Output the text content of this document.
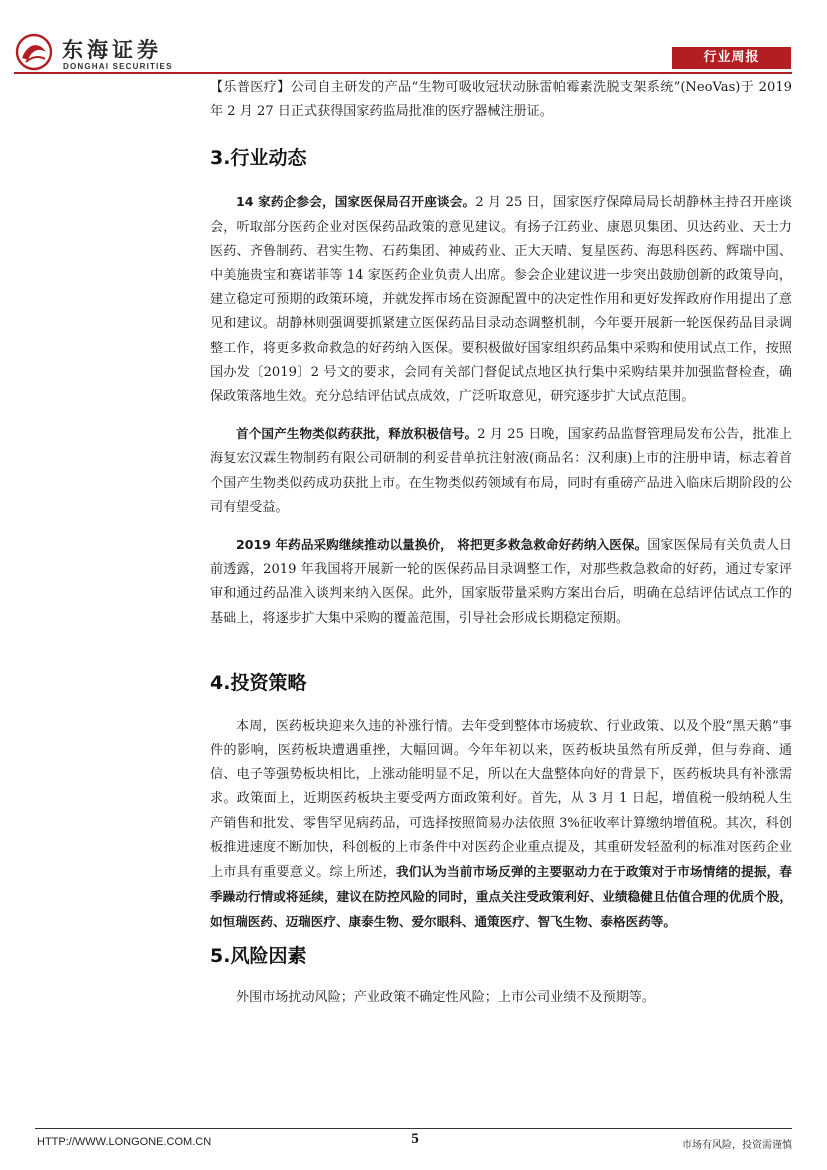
东海证券
DONGHAI SECURITIES
行业周报

【乐普医疗】公司自主研发的产品“生物可吸收冠状动脉雷帕霉素洗脱支架系统”(NeoVas)于 2019 年 2 月 27 日正式获得国家药监局批准的医疗器械注册证。

3.行业动态

14 家药企参会，国家医保局召开座谈会。2 月 25 日，国家医疗保障局局长胡静林主持召开座谈会，听取部分医药企业对医保药品政策的意见建议。有扬子江药业、康恩贝集团、贝达药业、天士力医药、齐鲁制药、君实生物、石药集团、神威药业、正大天晴、复星医药、海思科医药、辉瑞中国、中美施贵宝和赛诺菲等 14 家医药企业负责人出席。参会企业建议进一步突出鼓励创新的政策导向，建立稳定可预期的政策环境，并就发挥市场在资源配置中的决定性作用和更好发挥政府作用提出了意见和建议。胡静林则强调要抓紧建立医保药品目录动态调整机制，今年要开展新一轮医保药品目录调整工作，将更多救命救急的好药纳入医保。要积极做好国家组织药品集中采购和使用试点工作，按照国办发〔2019〕2 号文的要求，会同有关部门督促试点地区执行集中采购结果并加强监督检查，确保政策落地生效。充分总结评估试点成效，广泛听取意见，研究逐步扩大试点范围。

首个国产生物类似药获批，释放积极信号。2 月 25 日晚，国家药品监督管理局发布公告，批准上海复宏汉霖生物制药有限公司研制的利妥昔单抗注射液(商品名：汉利康)上市的注册申请，标志着首个国产生物类似药成功获批上市。在生物类似药领域有布局，同时有重磅产品进入临床后期阶段的公司有望受益。

2019 年药品采购继续推动以量换价， 将把更多救急救命好药纳入医保。国家医保局有关负责人日前透露，2019 年我国将开展新一轮的医保药品目录调整工作，对那些救急救命的好药，通过专家评审和通过药品准入谈判来纳入医保。此外，国家版带量采购方案出台后，明确在总结评估试点工作的基础上，将逐步扩大集中采购的覆盖范围，引导社会形成长期稳定预期。

4.投资策略

本周，医药板块迎来久违的补涨行情。去年受到整体市场疲软、行业政策、以及个股“黑天鹅”事件的影响，医药板块遭遇重挫，大幅回调。今年年初以来，医药板块虽然有所反弹，但与券商、通信、电子等强势板块相比，上涨动能明显不足，所以在大盘整体向好的背景下，医药板块具有补涨需求。政策面上，近期医药板块主要受两方面政策利好。首先，从 3 月 1 日起，增值税一般纳税人生产销售和批发、零售罕见病药品，可选择按照简易办法依照 3%征收率计算缴纳增值税。其次，科创板推进速度不断加快，科创板的上市条件中对医药企业重点提及，其重研发轻盈利的标准对医药企业上市具有重要意义。综上所述，我们认为当前市场反弹的主要驱动力在于政策对于市场情绪的提振，春季躁动行情或将延续，建议在防控风险的同时，重点关注受政策利好、业绩稳健且估值合理的优质个股，如恒瑞医药、迈瑞医疗、康泰生物、爱尔眼科、通策医疗、智飞生物、泰格医药等。

5.风险因素

外围市场扰动风险；产业政策不确定性风险；上市公司业绩不及预期等。

HTTP://WWW.LONGONE.COM.CN	5	市场有风险，投资需谨慎
